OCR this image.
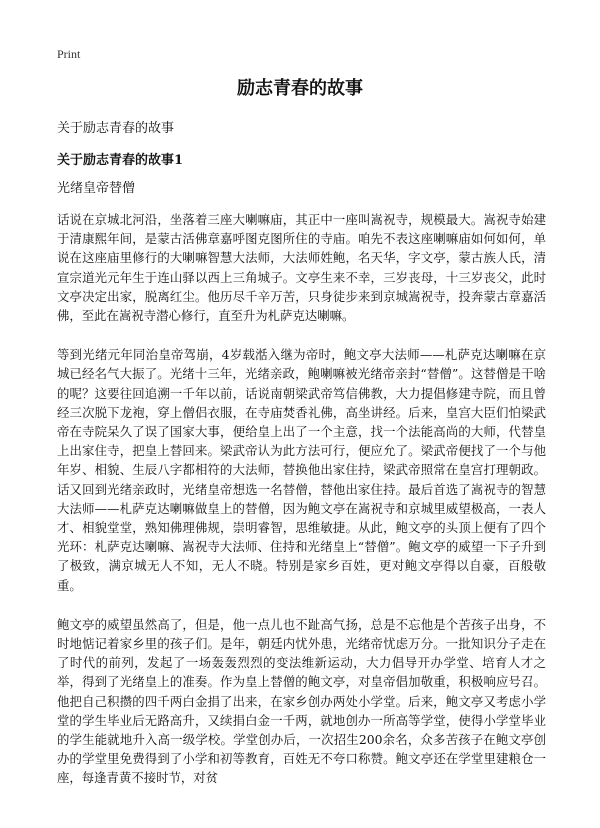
Print
励志青春的故事
关于励志青春的故事
关于励志青春的故事1
光绪皇帝替僧

话说在京城北河沿，坐落着三座大喇嘛庙，其正中一座叫嵩祝寺，规模最大。嵩祝寺始建于清康熙年间，是蒙古活佛章嘉呼图克图所住的寺庙。咱先不表这座喇嘛庙如何如何，单说在这座庙里修行的大喇嘛智慧大法师，大法师姓鲍，名天华，字文亭，蒙古族人氏，清宣宗道光元年生于连山驿以西上三角城子。文亭生来不幸，三岁丧母，十三岁丧父，此时文亭决定出家，脱离红尘。他历尽千辛万苦，只身徒步来到京城嵩祝寺，投奔蒙古章嘉活佛，至此在嵩祝寺潜心修行，直至升为札萨克达喇嘛。

等到光绪元年同治皇帝驾崩，4岁载湉入继为帝时，鲍文亭大法师——札萨克达喇嘛在京城已经名气大振了。光绪十三年，光绪亲政，鲍喇嘛被光绪帝亲封“替僧”。这替僧是干啥的呢？这要往回追溯一千年以前，话说南朝梁武帝笃信佛教，大力提倡修建寺院，而且曾经三次脱下龙袍，穿上僧侣衣服，在寺庙焚香礼佛，高坐讲经。后来，皇宫大臣们怕梁武帝在寺院呆久了误了国家大事，便给皇上出了一个主意，找一个法能高尚的大师，代替皇上出家住寺，把皇上替回来。梁武帝认为此方法可行，便应允了。梁武帝便找了一个与他年岁、相貌、生辰八字都相符的大法师，替换他出家住持，梁武帝照常在皇宫打理朝政。话又回到光绪亲政时，光绪皇帝想选一名替僧，替他出家住持。最后首选了嵩祝寺的智慧大法师——札萨克达喇嘛做皇上的替僧，因为鲍文亭在嵩祝寺和京城里威望极高，一表人才、相貌堂堂，熟知佛理佛规，崇明睿智，思维敏捷。从此，鲍文亭的头顶上便有了四个光环：札萨克达喇嘛、嵩祝寺大法师、住持和光绪皇上“替僧”。鲍文亭的威望一下子升到了极致，满京城无人不知，无人不晓。特别是家乡百姓，更对鲍文亭得以自豪，百般敬重。

鲍文亭的威望虽然高了，但是，他一点儿也不趾高气扬，总是不忘他是个苦孩子出身，不时地惦记着家乡里的孩子们。是年，朝廷内忧外患，光绪帝忧虑万分。一批知识分子走在了时代的前列，发起了一场轰轰烈烈的变法维新运动，大力倡导开办学堂、培育人才之举，得到了光绪皇上的准奏。作为皇上替僧的鲍文亭，对皇帝倡加敬重，积极响应号召。他把自己积攒的四千两白金捐了出来，在家乡创办两处小学堂。后来，鲍文亭又考虑小学堂的学生毕业后无路高升，又续捐白金一千两，就地创办一所高等学堂，使得小学堂毕业的学生能就地升入高一级学校。学堂创办后，一次招生200余名，众多苦孩子在鲍文亭创办的学堂里免费得到了小学和初等教育，百姓无不夸口称赞。鲍文亭还在学堂里建粮仓一座，每逢青黄不接时节，对贫
